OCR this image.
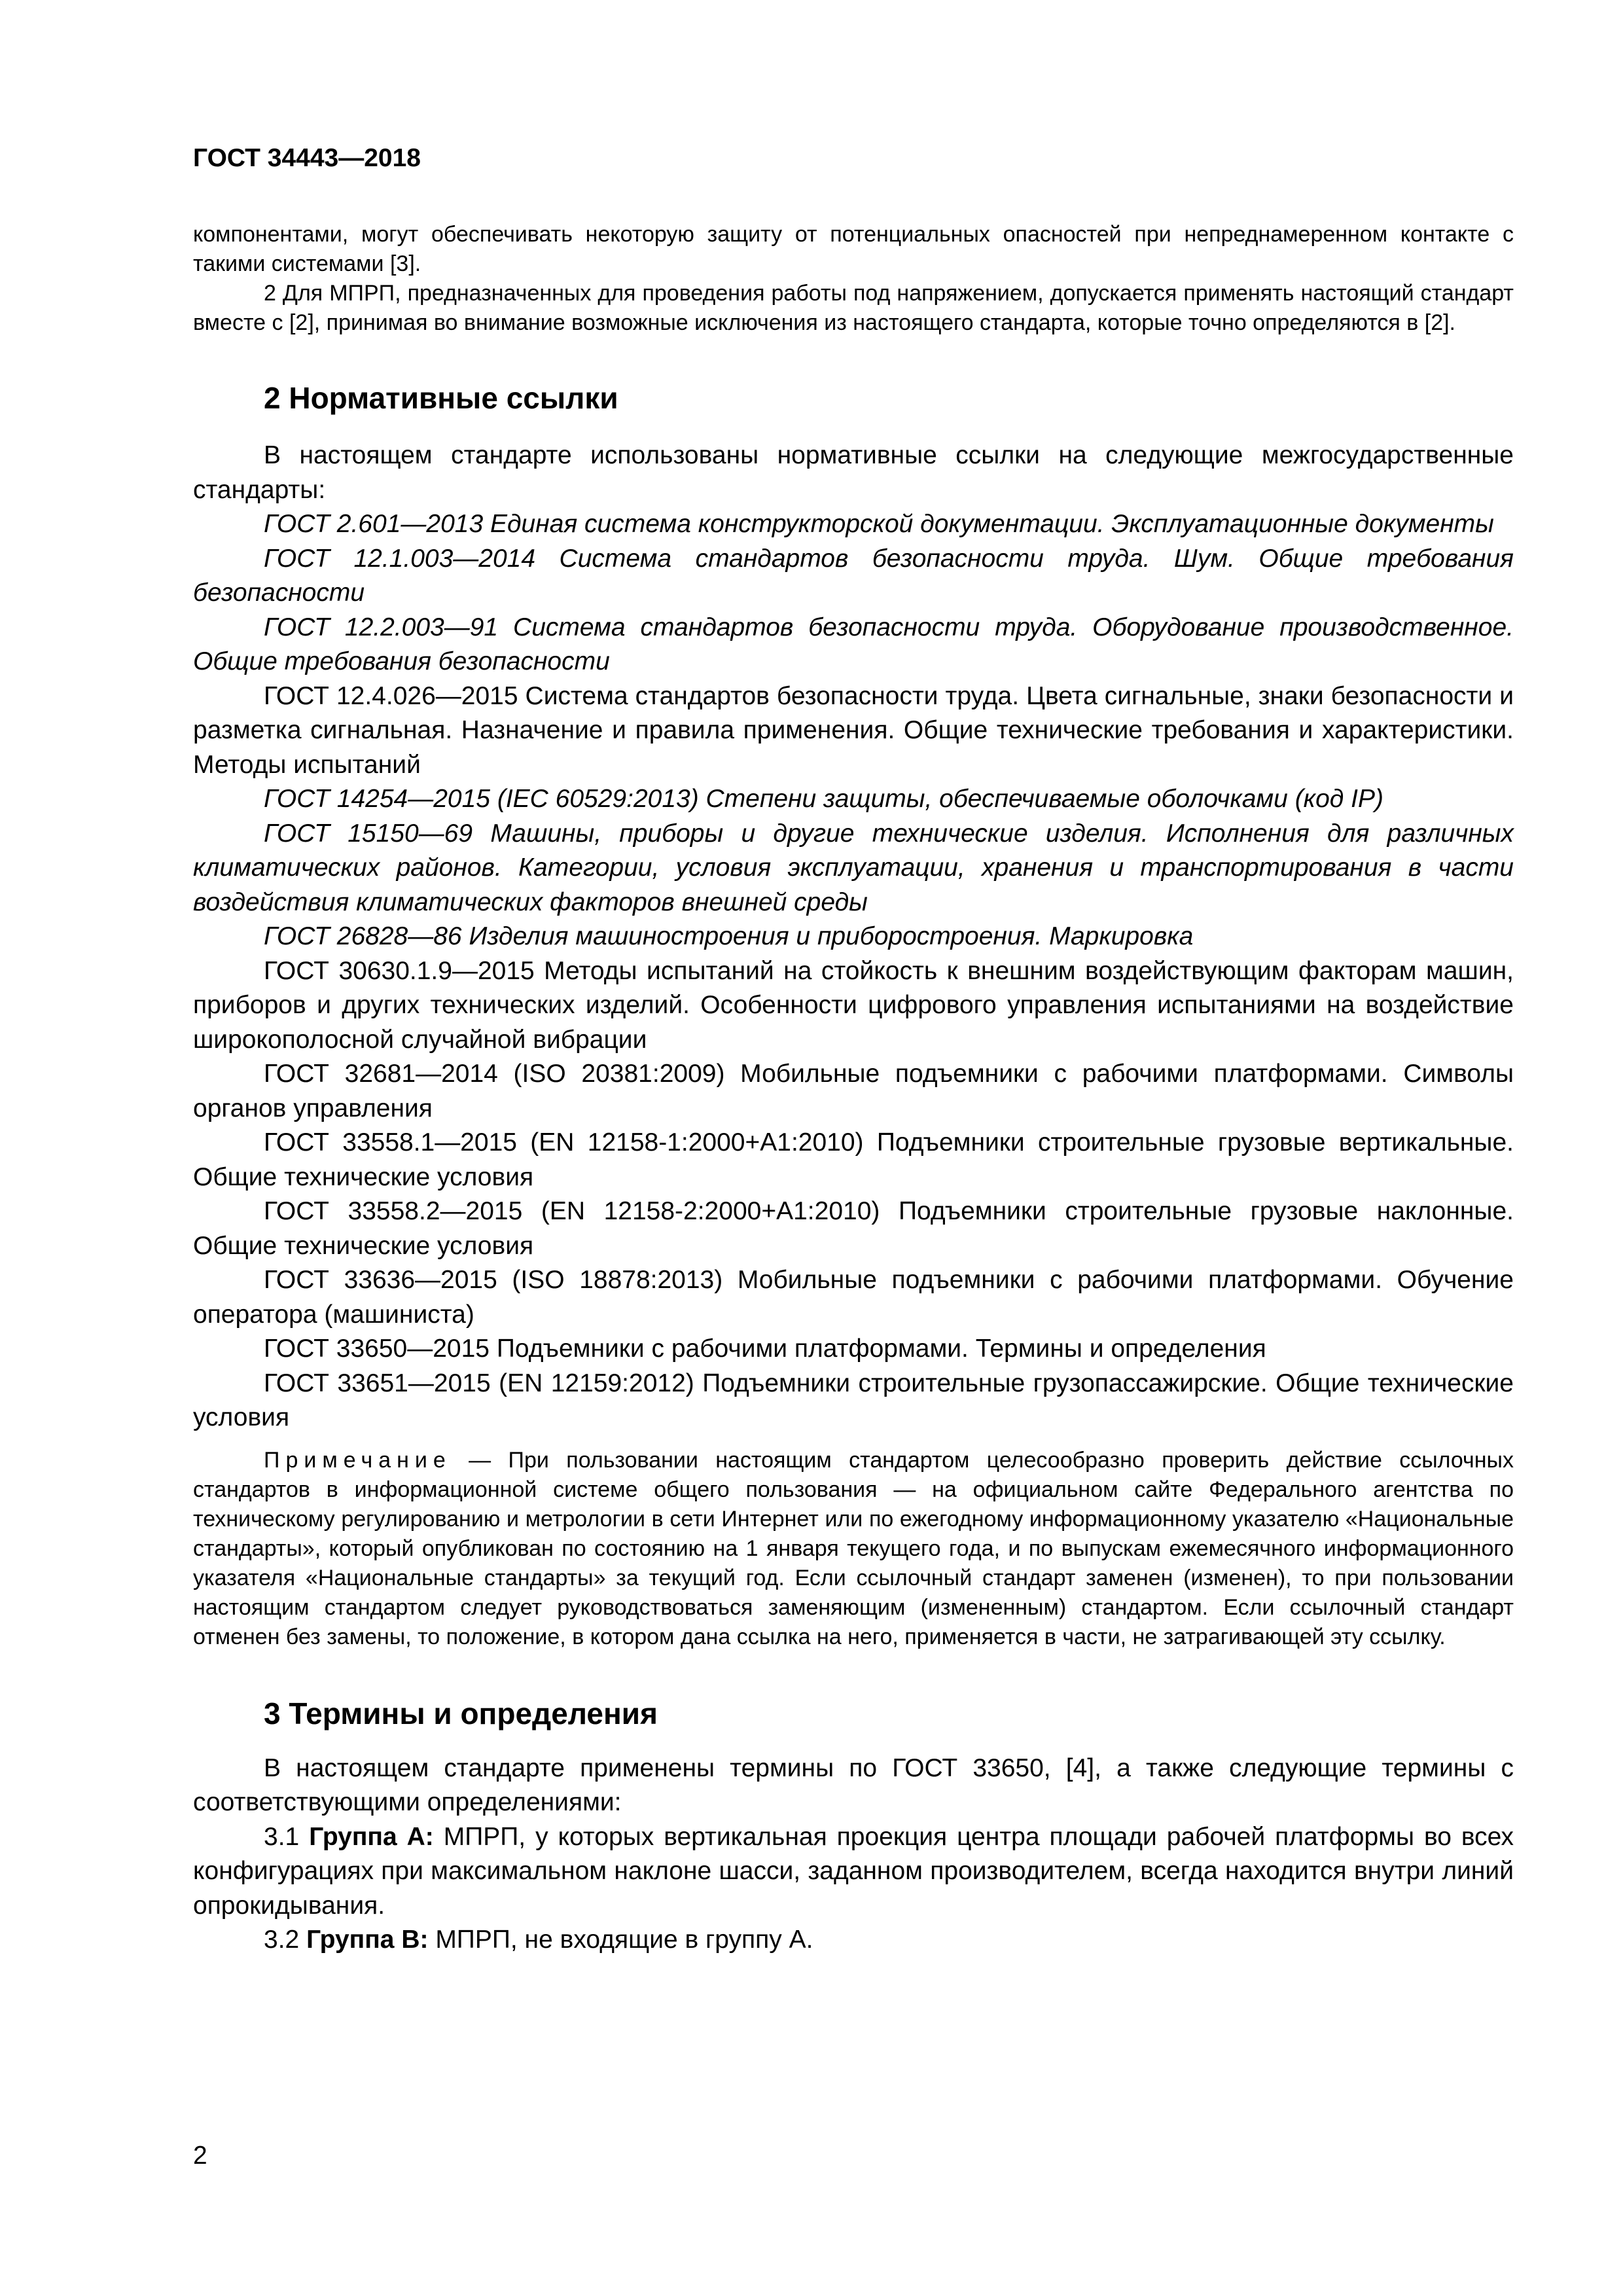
ГОСТ 34443—2018

компонентами, могут обеспечивать некоторую защиту от потенциальных опасностей при непреднамеренном контакте с такими системами [3].

2 Для МПРП, предназначенных для проведения работы под напряжением, допускается применять настоящий стандарт вместе с [2], принимая во внимание возможные исключения из настоящего стандарта, которые точно определяются в [2].

2 Нормативные ссылки

В настоящем стандарте использованы нормативные ссылки на следующие межгосударственные стандарты:

ГОСТ 2.601—2013 Единая система конструкторской документации. Эксплуатационные документы

ГОСТ 12.1.003—2014 Система стандартов безопасности труда. Шум. Общие требования безопасности

ГОСТ 12.2.003—91 Система стандартов безопасности труда. Оборудование производственное. Общие требования безопасности

ГОСТ 12.4.026—2015 Система стандартов безопасности труда. Цвета сигнальные, знаки безопасности и разметка сигнальная. Назначение и правила применения. Общие технические требования и характеристики. Методы испытаний

ГОСТ 14254—2015 (IEC 60529:2013) Степени защиты, обеспечиваемые оболочками (код IP)

ГОСТ 15150—69 Машины, приборы и другие технические изделия. Исполнения для различных климатических районов. Категории, условия эксплуатации, хранения и транспортирования в части воздействия климатических факторов внешней среды

ГОСТ 26828—86 Изделия машиностроения и приборостроения. Маркировка

ГОСТ 30630.1.9—2015 Методы испытаний на стойкость к внешним воздействующим факторам машин, приборов и других технических изделий. Особенности цифрового управления испытаниями на воздействие широкополосной случайной вибрации

ГОСТ 32681—2014 (ISO 20381:2009) Мобильные подъемники с рабочими платформами. Символы органов управления

ГОСТ 33558.1—2015 (EN 12158-1:2000+A1:2010) Подъемники строительные грузовые вертикальные. Общие технические условия

ГОСТ 33558.2—2015 (EN 12158-2:2000+A1:2010) Подъемники строительные грузовые наклонные. Общие технические условия

ГОСТ 33636—2015 (ISO 18878:2013) Мобильные подъемники с рабочими платформами. Обучение оператора (машиниста)

ГОСТ 33650—2015 Подъемники с рабочими платформами. Термины и определения

ГОСТ 33651—2015 (EN 12159:2012) Подъемники строительные грузопассажирские. Общие технические условия

Примечание — При пользовании настоящим стандартом целесообразно проверить действие ссылочных стандартов в информационной системе общего пользования — на официальном сайте Федерального агентства по техническому регулированию и метрологии в сети Интернет или по ежегодному информационному указателю «Национальные стандарты», который опубликован по состоянию на 1 января текущего года, и по выпускам ежемесячного информационного указателя «Национальные стандарты» за текущий год. Если ссылочный стандарт заменен (изменен), то при пользовании настоящим стандартом следует руководствоваться заменяющим (измененным) стандартом. Если ссылочный стандарт отменен без замены, то положение, в котором дана ссылка на него, применяется в части, не затрагивающей эту ссылку.

3 Термины и определения

В настоящем стандарте применены термины по ГОСТ 33650, [4], а также следующие термины с соответствующими определениями:

3.1 Группа А: МПРП, у которых вертикальная проекция центра площади рабочей платформы во всех конфигурациях при максимальном наклоне шасси, заданном производителем, всегда находится внутри линий опрокидывания.

3.2 Группа В: МПРП, не входящие в группу А.

2
